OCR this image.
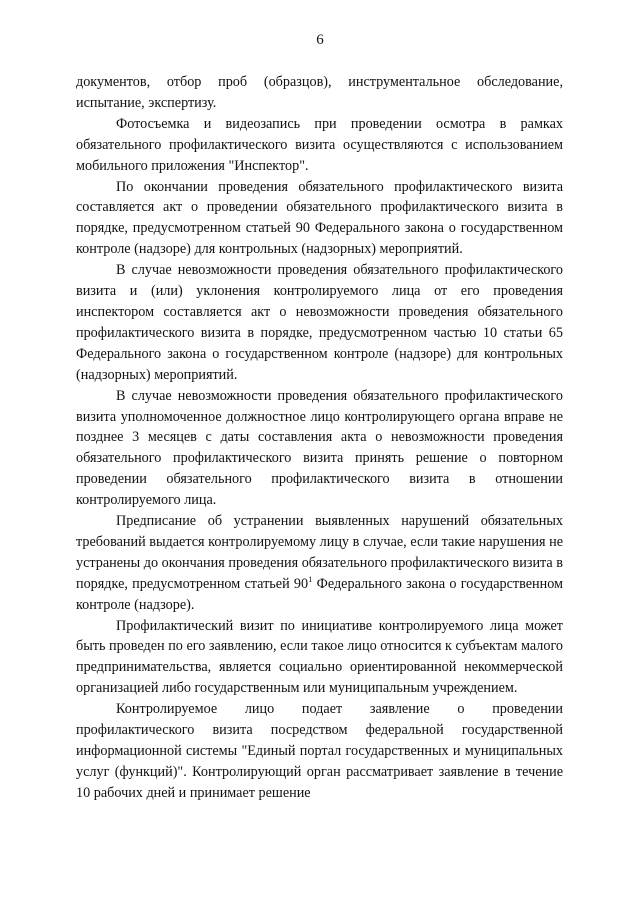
6

документов, отбор проб (образцов), инструментальное обследование, испытание, экспертизу.

Фотосъемка и видеозапись при проведении осмотра в рамках обязательного профилактического визита осуществляются с использованием мобильного приложения "Инспектор".

По окончании проведения обязательного профилактического визита составляется акт о проведении обязательного профилактического визита в порядке, предусмотренном статьей 90 Федерального закона о государственном контроле (надзоре) для контрольных (надзорных) мероприятий.

В случае невозможности проведения обязательного профилактического визита и (или) уклонения контролируемого лица от его проведения инспектором составляется акт о невозможности проведения обязательного профилактического визита в порядке, предусмотренном частью 10 статьи 65 Федерального закона о государственном контроле (надзоре) для контрольных (надзорных) мероприятий.

В случае невозможности проведения обязательного профилактического визита уполномоченное должностное лицо контролирующего органа вправе не позднее 3 месяцев с даты составления акта о невозможности проведения обязательного профилактического визита принять решение о повторном проведении обязательного профилактического визита в отношении контролируемого лица.

Предписание об устранении выявленных нарушений обязательных требований выдается контролируемому лицу в случае, если такие нарушения не устранены до окончания проведения обязательного профилактического визита в порядке, предусмотренном статьей $90^1$ Федерального закона о государственном контроле (надзоре).

Профилактический визит по инициативе контролируемого лица может быть проведен по его заявлению, если такое лицо относится к субъектам малого предпринимательства, является социально ориентированной некоммерческой организацией либо государственным или муниципальным учреждением.

Контролируемое лицо подает заявление о проведении профилактического визита посредством федеральной государственной информационной системы "Единый портал государственных и муниципальных услуг (функций)". Контролирующий орган рассматривает заявление в течение 10 рабочих дней и принимает решение
